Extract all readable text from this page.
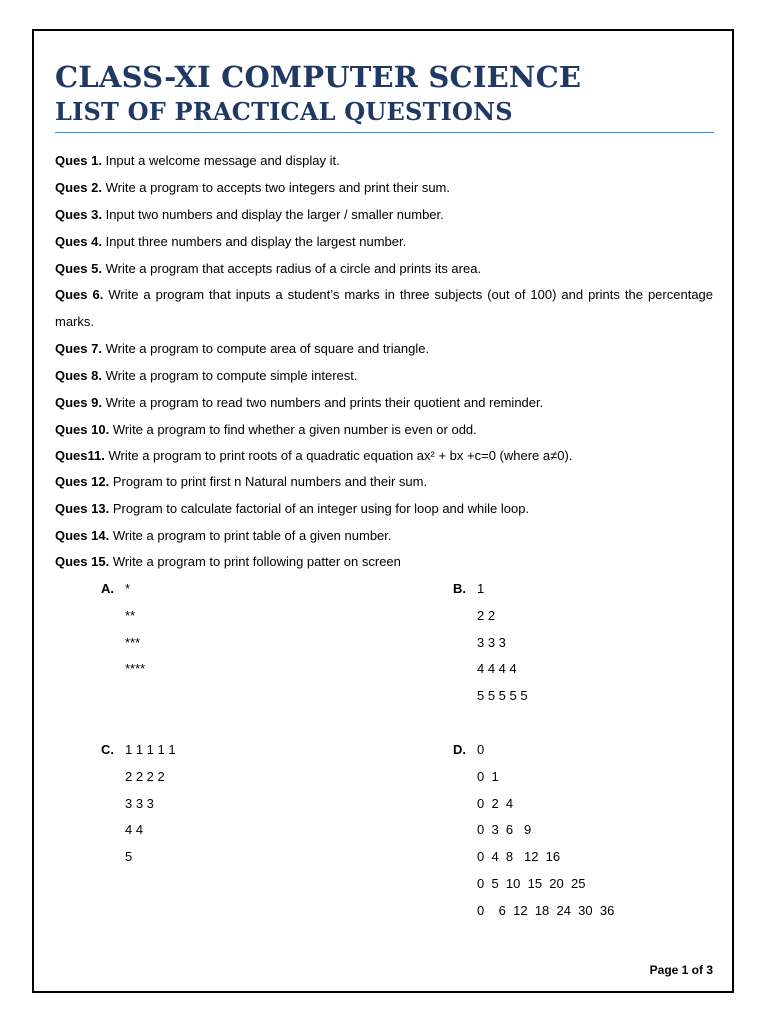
CLASS-XI COMPUTER SCIENCE
LIST OF PRACTICAL QUESTIONS
Ques 1. Input a welcome message and display it.
Ques 2. Write a program to accepts two integers and print their sum.
Ques 3. Input two numbers and display the larger / smaller number.
Ques 4. Input three numbers and display the largest number.
Ques 5. Write a program that accepts radius of a circle and prints its area.
Ques 6. Write a program that inputs a student’s marks in three subjects (out of 100) and prints the percentage marks.
Ques 7. Write a program to compute area of square and triangle.
Ques 8. Write a program to compute simple interest.
Ques 9. Write a program to read two numbers and prints their quotient and reminder.
Ques 10. Write a program to find whether a given number is even or odd.
Ques11. Write a program to print roots of a quadratic equation ax² + bx +c=0 (where a≠0).
Ques 12. Program to print first n Natural numbers and their sum.
Ques 13. Program to calculate factorial of an integer using for loop and while loop.
Ques 14. Write a program to print table of a given number.
Ques 15. Write a program to print following patter on screen
A. *
**
***
****
B. 1
2 2
3 3 3
4 4 4 4
5 5 5 5 5
C. 1 1 1 1 1
2 2 2 2
3 3 3
4 4
5
D. 0
0  1
0  2  4
0  3  6   9
0  4  8   12  16
0  5  10  15  20  25
0    6  12  18  24  30  36
Page 1 of 3
